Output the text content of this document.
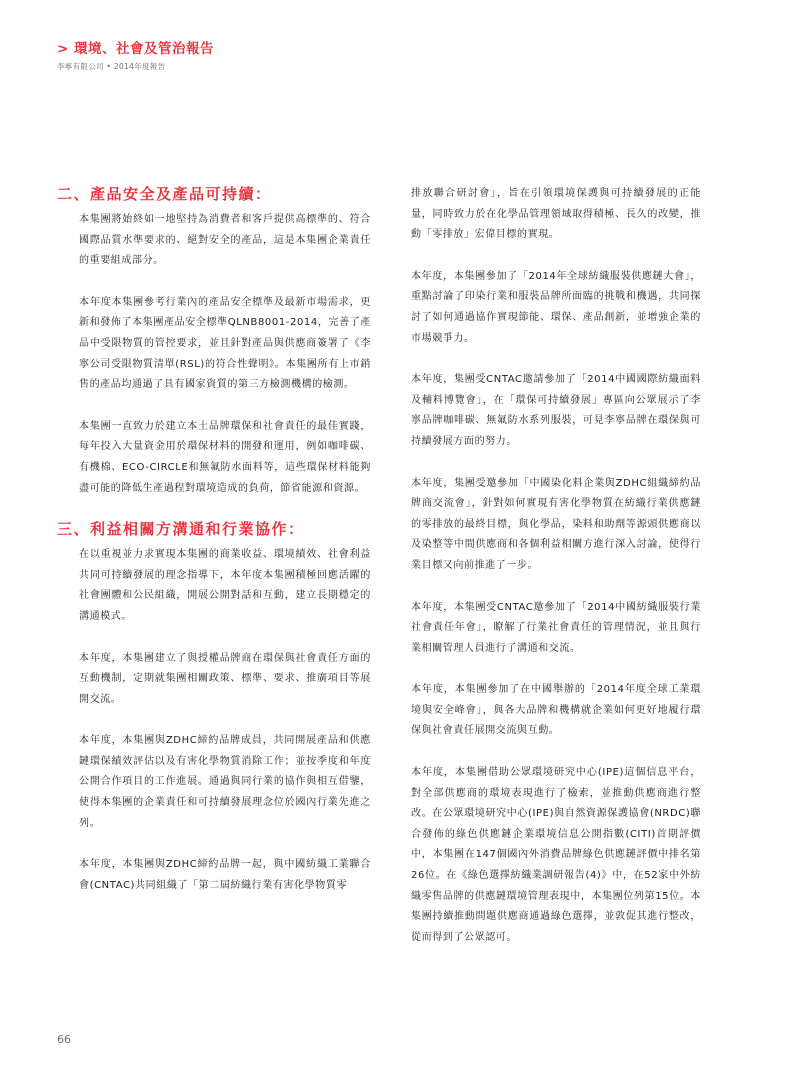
> 環境、社會及管治報告
李寧有限公司 • 2014年度報告
二、產品安全及產品可持續：

本集團將始終如一地堅持為消費者和客戶提供高標準的、符合國際品質水準要求的、絕對安全的產品，這是本集團企業責任的重要組成部分。

本年度本集團參考行業內的產品安全標準及最新市場需求，更新和發佈了本集團產品安全標準QLNB8001-2014，完善了產品中受限物質的管控要求，並且針對產品與供應商簽署了《李寧公司受限物質清單(RSL)的符合性聲明》。本集團所有上市銷售的產品均通過了具有國家資質的第三方檢測機構的檢測。

本集團一直致力於建立本土品牌環保和社會責任的最佳實踐，每年投入大量資金用於環保材料的開發和運用，例如咖啡碳、有機棉、ECO-CIRCLE和無氟防水面料等，這些環保材料能夠盡可能的降低生產過程對環境造成的負荷，節省能源和資源。

三、利益相關方溝通和行業協作：

在以重視並力求實現本集團的商業收益、環境績效、社會利益共同可持續發展的理念指導下，本年度本集團積極回應活躍的社會團體和公民組織，開展公開對話和互動，建立長期穩定的溝通模式。

本年度，本集團建立了與授權品牌商在環保與社會責任方面的互動機制，定期就集團相關政策、標準、要求、推廣項目等展開交流。

本年度，本集團與ZDHC締約品牌成員，共同開展產品和供應鏈環保績效評估以及有害化學物質消除工作；並按季度和年度公開合作項目的工作進展。通過與同行業的協作與相互借鑒，使得本集團的企業責任和可持續發展理念位於國內行業先進之列。

本年度，本集團與ZDHC締約品牌一起，與中國紡織工業聯合會(CNTAC)共同組織了「第二屆紡織行業有害化學物質零

排放聯合研討會」，旨在引領環境保護與可持續發展的正能量，同時致力於在化學品管理領域取得積極、長久的改變，推動「零排放」宏偉目標的實現。

本年度，本集團參加了「2014年全球紡織服裝供應鏈大會」，重點討論了印染行業和服裝品牌所面臨的挑戰和機遇，共同探討了如何通過協作實現節能、環保、產品創新，並增強企業的市場競爭力。

本年度，集團受CNTAC邀請參加了「2014中國國際紡織面料及輔料博覽會」，在「環保可持續發展」專區向公眾展示了李寧品牌咖啡碳、無氟防水系列服裝，可見李寧品牌在環保與可持續發展方面的努力。

本年度，集團受邀參加「中國染化料企業與ZDHC組織締約品牌商交流會」，針對如何實現有害化學物質在紡織行業供應鏈的零排放的最終目標，與化學品，染料和助劑等源頭供應商以及染整等中間供應商和各個利益相關方進行深入討論，使得行業目標又向前推進了一步。

本年度，本集團受CNTAC邀參加了「2014中國紡織服裝行業社會責任年會」，瞭解了行業社會責任的管理情況，並且與行業相關管理人員進行了溝通和交流。

本年度，本集團參加了在中國舉辦的「2014年度全球工業環境與安全峰會」，與各大品牌和機構就企業如何更好地履行環保與社會責任展開交流與互動。

本年度，本集團借助公眾環境研究中心(IPE)這個信息平台，對全部供應商的環境表現進行了檢索，並推動供應商進行整改。在公眾環境研究中心(IPE)與自然資源保護協會(NRDC)聯合發佈的綠色供應鏈企業環境信息公開指數(CITI)首期評價中，本集團在147個國內外消費品牌綠色供應鏈評價中排名第26位。在《綠色選擇紡織業調研報告(4)》中，在52家中外紡織零售品牌的供應鏈環境管理表現中，本集團位列第15位。本集團持續推動問題供應商通過綠色選擇，並敦促其進行整改，從而得到了公眾認可。

66
